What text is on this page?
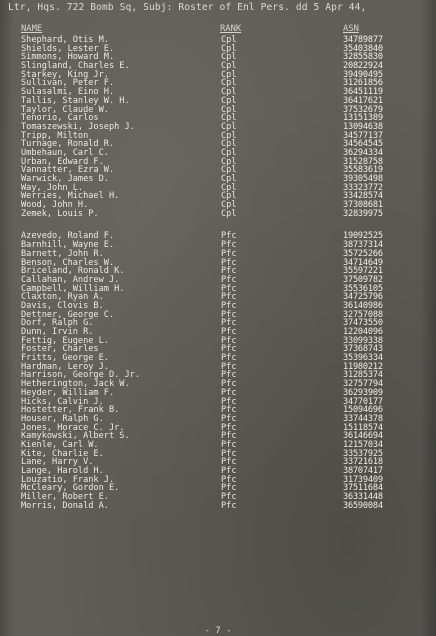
Ltr, Hqs. 722 Bomb Sq, Subj: Roster of Enl Pers. dd 5 Apr 44,
NAME	RANK	ASN
Shephard, Otis M.	Cpl	34789877
Shields, Lester E.	Cpl	35403840
Simmons, Howard M.	Cpl	32855830
Slingland, Charles E.	Cpl	20822924
Starkey, King Jr.	Cpl	39490495
Sullivan, Peter F.	Cpl	31261856
Sulasalmi, Eino H.	Cpl	36451119
Tallis, Stanley W. H.	Cpl	36417621
Taylor, Claude W.	Cpl	37532679
Tenorio, Carlos	Cpl	13151389
Tomaszewski, Joseph J.	Cpl	13094638
Tripp, Milton	Cpl	34577137
Turnage, Ronald R.	Cpl	34564545
Umbehaun, Carl C.	Cpl	36294334
Urban, Edward F.	Cpl	31528758
Vannatter, Ezra W.	Cpl	35583619
Warwick, James D.	Cpl	39305498
Way, John L.	Cpl	33323772
Werries, Michael H.	Cpl	33428574
Wood, John H.	Cpl	37308681
Zemek, Louis P.	Cpl	32839975
Azevedo, Roland F.	Pfc	19092525
Barnhill, Wayne E.	Pfc	38737314
Barnett, John R.	Pfc	35725266
Benson, Charles W.	Pfc	34714649
Briceland, Ronald K.	Pfc	35597221
Callahan, Andrew J.	Pfc	37509782
Campbell, William H.	Pfc	35536105
Claxton, Ryan A.	Pfc	34725796
Davis, Clovis B.	Pfc	36140986
Dettner, George C.	Pfc	32757088
Dorf, Ralph G.	Pfc	37473550
Dunn, Irvin R.	Pfc	12204096
Fettig, Eugene L.	Pfc	33099338
Foster, Charles	Pfc	37368743
Fritts, George E.	Pfc	35396334
Hardman, Leroy J.	Pfc	11980212
Harrison, George D. Jr.	Pfc	31285374
Hetherington, Jack W.	Pfc	32757794
Heyder, William F.	Pfc	36293909
Hicks, Calvin J.	Pfc	34770177
Hostetter, Frank B.	Pfc	15094696
Houser, Ralph G.	Pfc	33744378
Jones, Horace C. Jr.	Pfc	15118574
Kamykowski, Albert S.	Pfc	36146694
Kienle, Carl W.	Pfc	12157034
Kite, Charlie E.	Pfc	33537925
Lane, Harry V.	Pfc	33721618
Lange, Harold H.	Pfc	38707417
Louzatio, Frank J.	Pfc	31739409
McCleary, Gordon E.	Pfc	37511684
Miller, Robert E.	Pfc	36331448
Morris, Donald A.	Pfc	36590084
- 7 -
